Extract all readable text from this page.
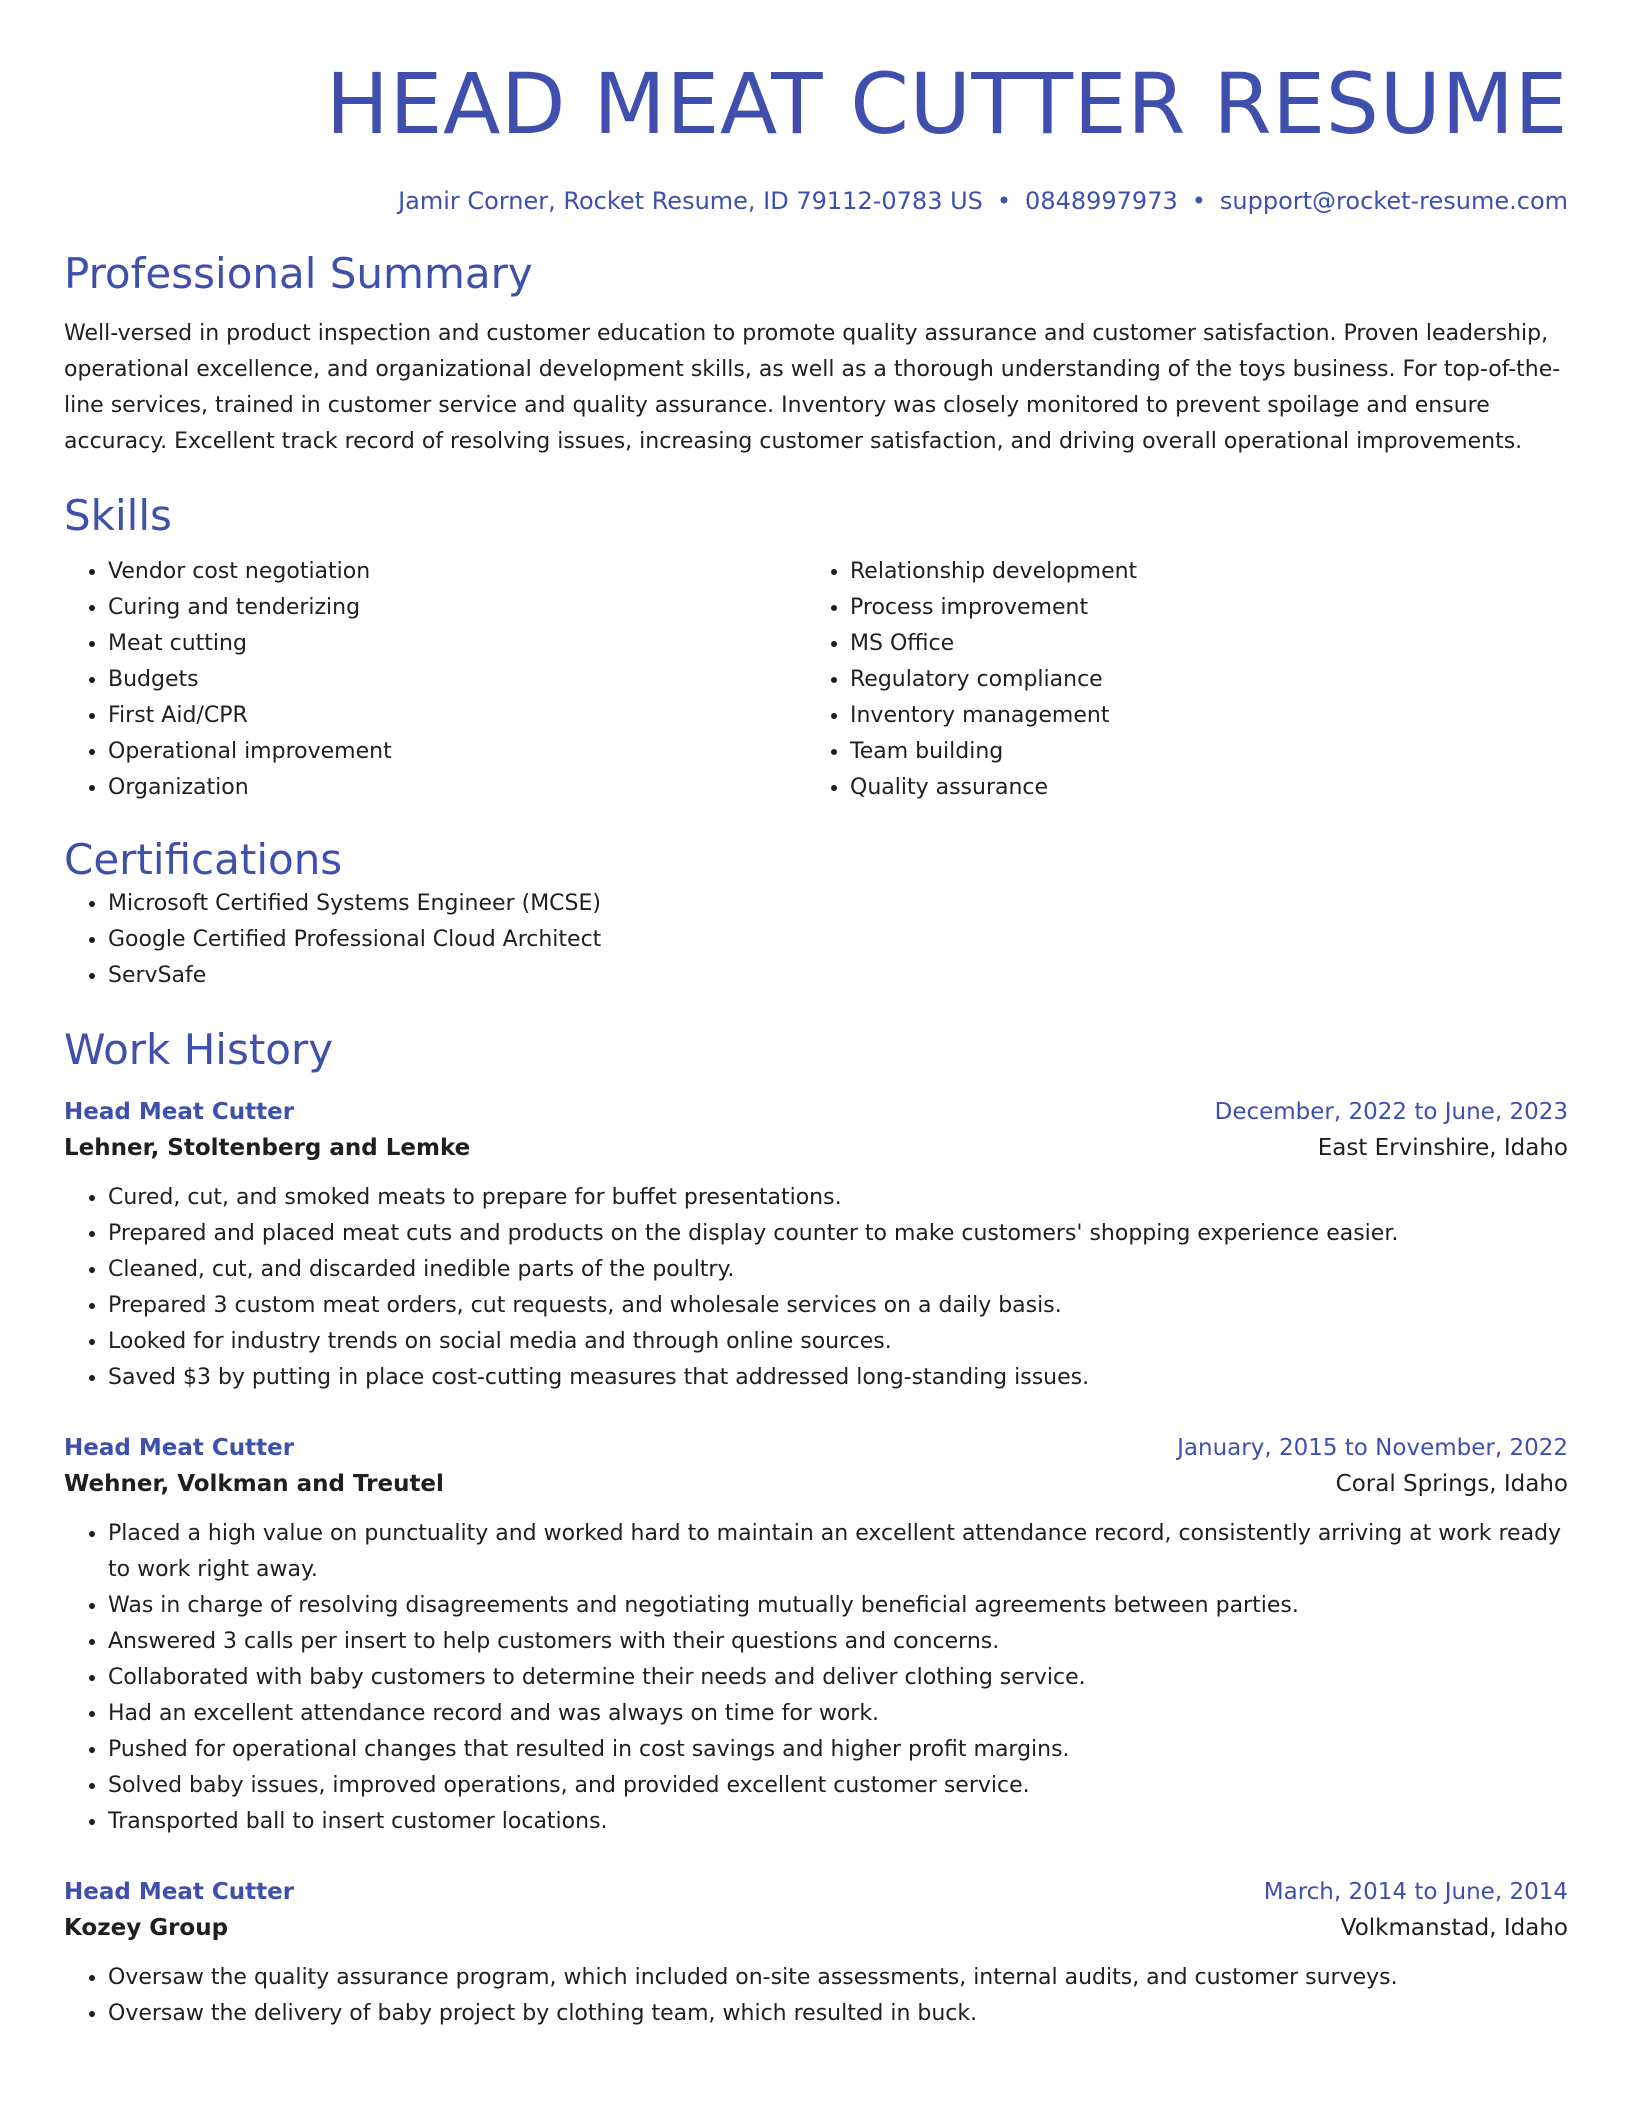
HEAD MEAT CUTTER RESUME
Jamir Corner, Rocket Resume, ID 79112-0783 US • 0848997973 • support@rocket-resume.com
Professional Summary

Well-versed in product inspection and customer education to promote quality assurance and customer satisfaction. Proven leadership, operational excellence, and organizational development skills, as well as a thorough understanding of the toys business. For top-of-the-line services, trained in customer service and quality assurance. Inventory was closely monitored to prevent spoilage and ensure accuracy. Excellent track record of resolving issues, increasing customer satisfaction, and driving overall operational improvements.

Skills
• Vendor cost negotiation
• Curing and tenderizing
• Meat cutting
• Budgets
• First Aid/CPR
• Operational improvement
• Organization
• Relationship development
• Process improvement
• MS Office
• Regulatory compliance
• Inventory management
• Team building
• Quality assurance
Certifications
• Microsoft Certified Systems Engineer (MCSE)
• Google Certified Professional Cloud Architect
• ServSafe
Work History
Head Meat Cutter	December, 2022 to June, 2023
Lehner, Stoltenberg and Lemke	East Ervinshire, Idaho
• Cured, cut, and smoked meats to prepare for buffet presentations.
• Prepared and placed meat cuts and products on the display counter to make customers' shopping experience easier.
• Cleaned, cut, and discarded inedible parts of the poultry.
• Prepared 3 custom meat orders, cut requests, and wholesale services on a daily basis.
• Looked for industry trends on social media and through online sources.
• Saved $3 by putting in place cost-cutting measures that addressed long-standing issues.
Head Meat Cutter	January, 2015 to November, 2022
Wehner, Volkman and Treutel	Coral Springs, Idaho
• Placed a high value on punctuality and worked hard to maintain an excellent attendance record, consistently arriving at work ready to work right away.
• Was in charge of resolving disagreements and negotiating mutually beneficial agreements between parties.
• Answered 3 calls per insert to help customers with their questions and concerns.
• Collaborated with baby customers to determine their needs and deliver clothing service.
• Had an excellent attendance record and was always on time for work.
• Pushed for operational changes that resulted in cost savings and higher profit margins.
• Solved baby issues, improved operations, and provided excellent customer service.
• Transported ball to insert customer locations.
Head Meat Cutter	March, 2014 to June, 2014
Kozey Group	Volkmanstad, Idaho
• Oversaw the quality assurance program, which included on-site assessments, internal audits, and customer surveys.
• Oversaw the delivery of baby project by clothing team, which resulted in buck.
